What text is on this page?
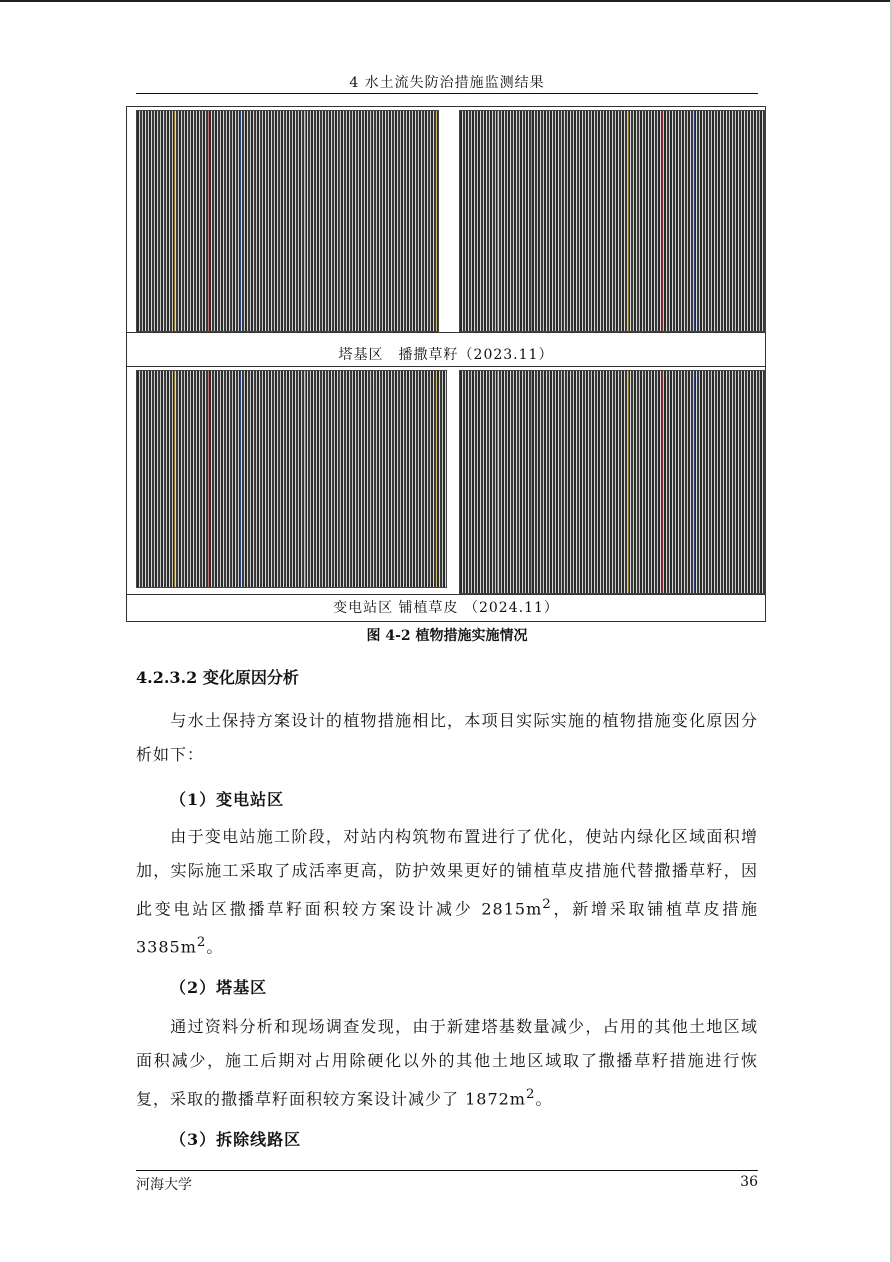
4 水土流失防治措施监测结果
塔基区　播撒草籽（2023.11）
变电站区 铺植草皮 （2024.11）
图 4-2 植物措施实施情况
4.2.3.2 变化原因分析
与水土保持方案设计的植物措施相比，本项目实际实施的植物措施变化原因分析如下：
（1）变电站区
由于变电站施工阶段，对站内构筑物布置进行了优化，使站内绿化区域面积增加，实际施工采取了成活率更高，防护效果更好的铺植草皮措施代替撒播草籽，因此变电站区撒播草籽面积较方案设计减少 $2815m^2$，新增采取铺植草皮措施 $3385m^2$。
（2）塔基区
通过资料分析和现场调查发现，由于新建塔基数量减少，占用的其他土地区域面积减少，施工后期对占用除硬化以外的其他土地区域取了撒播草籽措施进行恢复，采取的撒播草籽面积较方案设计减少了 $1872m^2$。
（3）拆除线路区
河海大学	36
